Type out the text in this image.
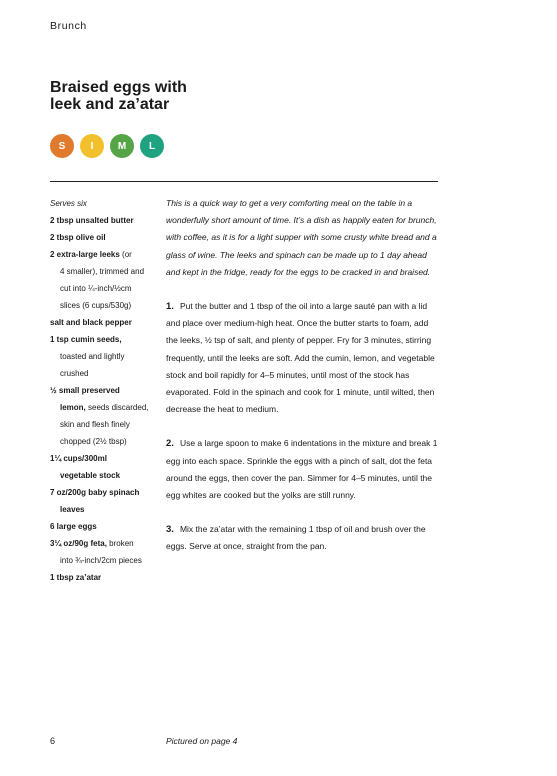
Brunch
Braised eggs with
leek and za’atar
S	I	M	L
Serves six
2 tbsp unsalted butter
2 tbsp olive oil
2 extra-large leeks (or
4 smaller), trimmed and
cut into ¼-inch/½cm
slices (6 cups/530g)
salt and black pepper
1 tsp cumin seeds,
toasted and lightly
crushed
½ small preserved
lemon, seeds discarded,
skin and flesh finely
chopped (2½ tbsp)
1¼ cups/300ml
vegetable stock
7 oz/200g baby spinach
leaves
6 large eggs
3¼ oz/90g feta, broken
into ¾-inch/2cm pieces
1 tbsp za’atar

This is a quick way to get a very comforting meal on the table in a wonderfully short amount of time. It’s a dish as happily eaten for brunch, with coffee, as it is for a light supper with some crusty white bread and a glass of wine. The leeks and spinach can be made up to 1 day ahead and kept in the fridge, ready for the eggs to be cracked in and braised.

1. Put the butter and 1 tbsp of the oil into a large sauté pan with a lid and place over medium-high heat. Once the butter starts to foam, add the leeks, ½ tsp of salt, and plenty of pepper. Fry for 3 minutes, stirring frequently, until the leeks are soft. Add the cumin, lemon, and vegetable stock and boil rapidly for 4–5 minutes, until most of the stock has evaporated. Fold in the spinach and cook for 1 minute, until wilted, then decrease the heat to medium.

2. Use a large spoon to make 6 indentations in the mixture and break 1 egg into each space. Sprinkle the eggs with a pinch of salt, dot the feta around the eggs, then cover the pan. Simmer for 4–5 minutes, until the egg whites are cooked but the yolks are still runny.

3. Mix the za’atar with the remaining 1 tbsp of oil and brush over the eggs. Serve at once, straight from the pan.

6	Pictured on page 4
